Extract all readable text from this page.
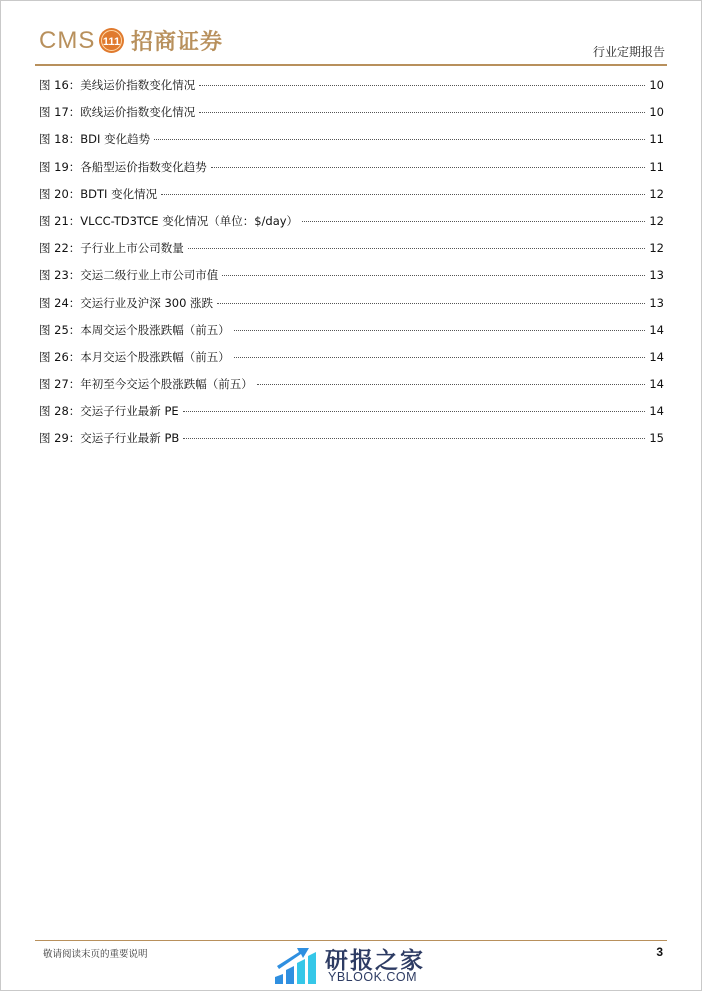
CMS 111 招商证券	行业定期报告
图 16：美线运价指数变化情况	10
图 17：欧线运价指数变化情况	10
图 18：BDI 变化趋势	11
图 19：各船型运价指数变化趋势	11
图 20：BDTI 变化情况	12
图 21：VLCC-TD3TCE 变化情况（单位：$/day）	12
图 22：子行业上市公司数量	12
图 23：交运二级行业上市公司市值	13
图 24：交运行业及沪深 300 涨跌	13
图 25：本周交运个股涨跌幅（前五）	14
图 26：本月交运个股涨跌幅（前五）	14
图 27：年初至今交运个股涨跌幅（前五）	14
图 28：交运子行业最新 PE	14
图 29：交运子行业最新 PB	15
敬请阅读末页的重要说明	研报之家
YBLOOK.COM
3
